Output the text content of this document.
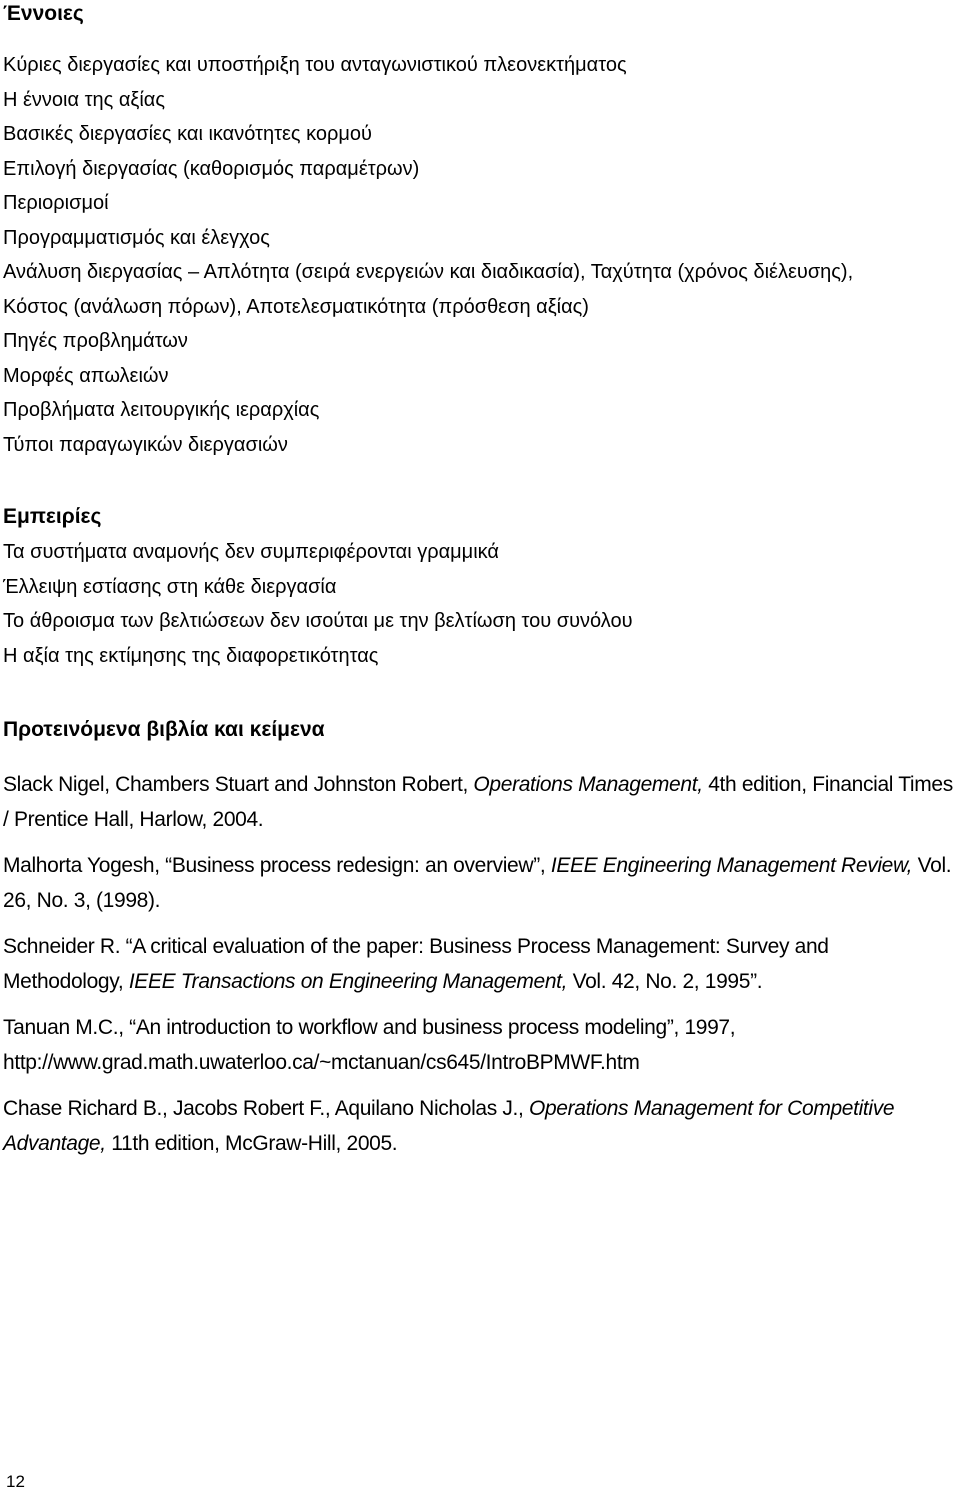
Έννοιες
Κύριες διεργασίες και υποστήριξη του ανταγωνιστικού πλεονεκτήματος
Η έννοια της αξίας
Βασικές διεργασίες και ικανότητες κορμού
Επιλογή διεργασίας (καθορισμός παραμέτρων)
Περιορισμοί
Προγραμματισμός και έλεγχος
Ανάλυση διεργασίας – Απλότητα (σειρά ενεργειών και διαδικασία), Ταχύτητα (χρόνος διέλευσης),
Κόστος (ανάλωση πόρων), Αποτελεσματικότητα (πρόσθεση αξίας)
Πηγές προβλημάτων
Μορφές απωλειών
Προβλήματα λειτουργικής ιεραρχίας
Τύποι παραγωγικών διεργασιών
Εμπειρίες
Τα συστήματα αναμονής δεν συμπεριφέρονται γραμμικά
Έλλειψη εστίασης στη κάθε διεργασία
Το άθροισμα των βελτιώσεων δεν ισούται με την βελτίωση του συνόλου
Η αξία της εκτίμησης της διαφορετικότητας
Προτεινόμενα βιβλία και κείμενα

Slack Nigel, Chambers Stuart and Johnston Robert, Operations Management, 4th edition, Financial Times / Prentice Hall, Harlow, 2004.

Malhorta Yogesh, “Business process redesign: an overview”, IEEE Engineering Management Review, Vol. 26, No. 3, (1998).

Schneider R. “A critical evaluation of the paper: Business Process Management: Survey and Methodology, IEEE Transactions on Engineering Management, Vol. 42, No. 2, 1995”.

Tanuan M.C., “An introduction to workflow and business process modeling”, 1997, http://www.grad.math.uwaterloo.ca/~mctanuan/cs645/IntroBPMWF.htm

Chase Richard B., Jacobs Robert F., Aquilano Nicholas J., Operations Management for Competitive Advantage, 11th edition, McGraw-Hill, 2005.

12
